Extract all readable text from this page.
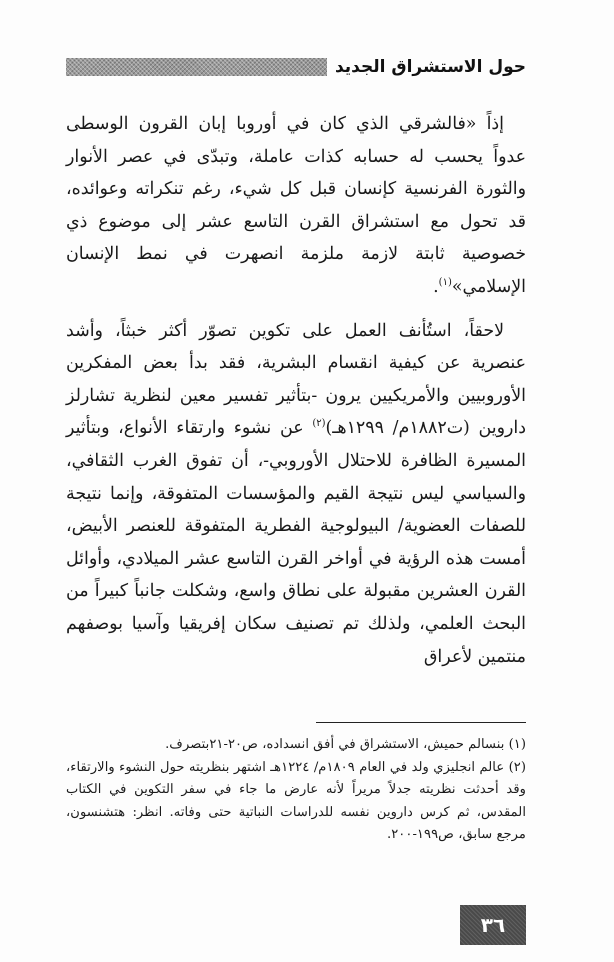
حول الاستشراق الجديد

إذاً «فالشرقي الذي كان في أوروبا إبان القرون الوسطى عدواً يحسب له حسابه كذات عاملة، وتبدّى في عصر الأنوار والثورة الفرنسية كإنسان قبل كل شيء، رغم تنكراته وعوائده، قد تحول مع استشراق القرن التاسع عشر إلى موضوع ذي خصوصية ثابتة لازمة ملزمة انصهرت في نمط الإنسان الإسلامي»$^{(١)}$.

لاحقاً، استُأنف العمل على تكوين تصوّر أكثر خبثاً، وأشد عنصرية عن كيفية انقسام البشرية، فقد بدأ بعض المفكرين الأوروبيين والأمريكيين يرون -بتأثير تفسير معين لنظرية تشارلز داروين (ت١٨٨٢م/ ١٢٩٩هـ)$^{(٢)}$ عن نشوء وارتقاء الأنواع، وبتأثير المسيرة الظافرة للاحتلال الأوروبي-، أن تفوق الغرب الثقافي، والسياسي ليس نتيجة القيم والمؤسسات المتفوقة، وإنما نتيجة للصفات العضوية/ البيولوجية الفطرية المتفوقة للعنصر الأبيض، أمست هذه الرؤية في أواخر القرن التاسع عشر الميلادي، وأوائل القرن العشرين مقبولة على نطاق واسع، وشكلت جانباً كبيراً من البحث العلمي، ولذلك تم تصنيف سكان إفريقيا وآسيا بوصفهم منتمين لأعراق

(١) بنسالم حميش، الاستشراق في أفق انسداده، ص٢٠-٢١بتصرف.

(٢) عالم انجليزي ولد في العام ١٨٠٩م/ ١٢٢٤هـ اشتهر بنظريته حول النشوء والارتقاء، وقد أحدثت نظريته جدلاً مريراً لأنه عارض ما جاء في سفر التكوين في الكتاب المقدس، ثم كرس داروين نفسه للدراسات النباتية حتى وفاته. انظر: هتشنسون، مرجع سابق، ص١٩٩-٢٠٠.

٣٦
